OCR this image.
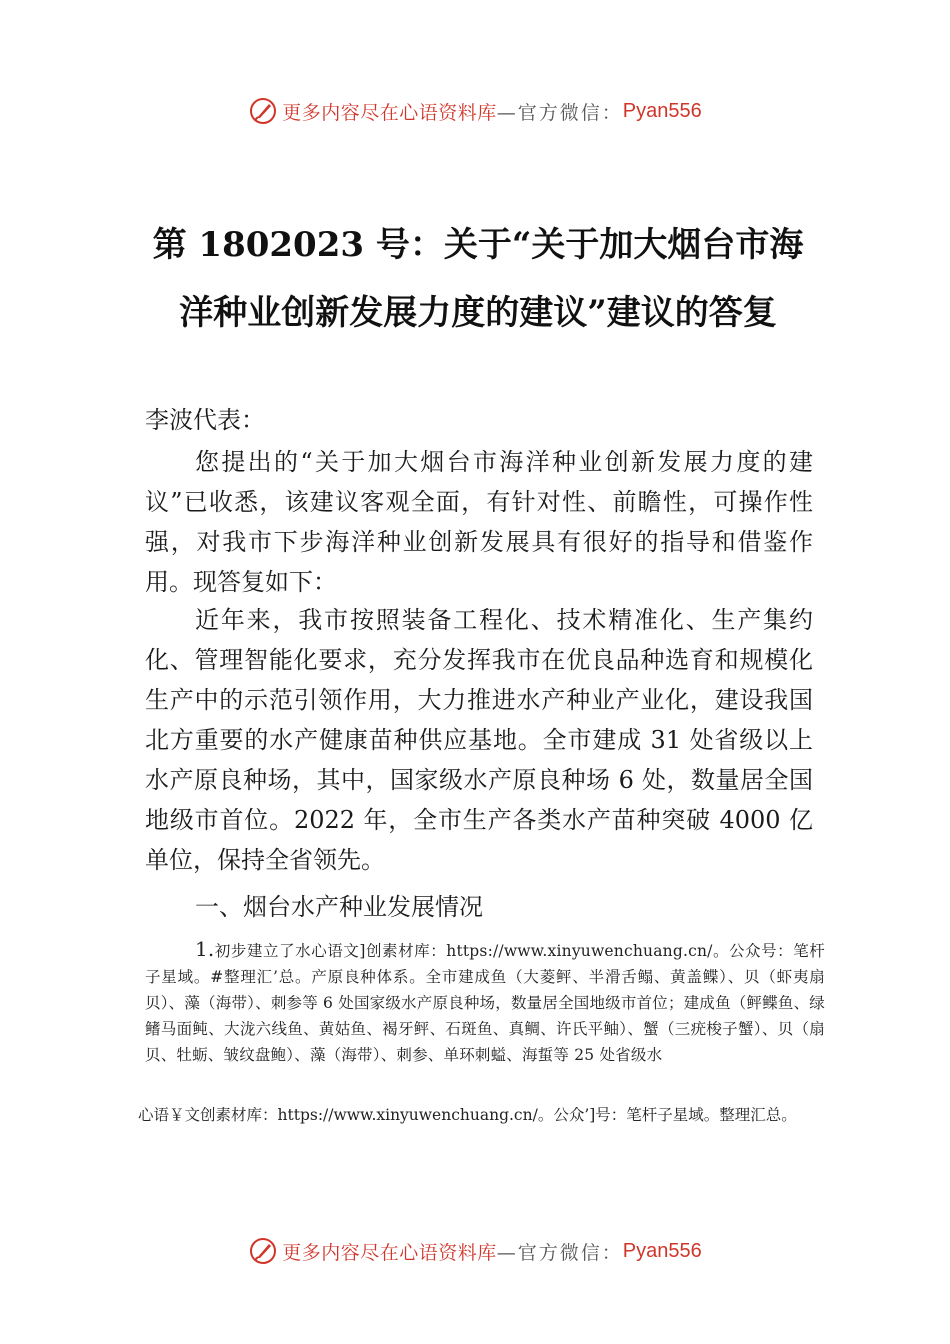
更多内容尽在心语资料库 —官方微信： Pyan556
第 1802023 号：关于“关于加大烟台市海
洋种业创新发展力度的建议”建议的答复
李波代表：
您提出的“关于加大烟台市海洋种业创新发展力度的建议”已收悉，该建议客观全面，有针对性、前瞻性，可操作性强，对我市下步海洋种业创新发展具有很好的指导和借鉴作用。现答复如下：
近年来，我市按照装备工程化、技术精准化、生产集约化、管理智能化要求，充分发挥我市在优良品种选育和规模化生产中的示范引领作用，大力推进水产种业产业化，建设我国北方重要的水产健康苗种供应基地。全市建成 31 处省级以上水产原良种场，其中，国家级水产原良种场 6 处，数量居全国地级市首位。2022 年，全市生产各类水产苗种突破 4000 亿单位，保持全省领先。
一、烟台水产种业发展情况
1.初步建立了水心语文]创素材库：https://www.xinyuwenchuang.cn/。公众号：笔杆子星域。#整理汇’总。产原良种体系。全市建成鱼（大菱鲆、半滑舌鳎、黄盖鲽）、贝（虾夷扇贝）、藻（海带）、刺参等 6 处国家级水产原良种场，数量居全国地级市首位；建成鱼（鲆鲽鱼、绿鳍马面鲀、大泷六线鱼、黄姑鱼、褐牙鲆、石斑鱼、真鲷、许氏平鲉）、蟹（三疣梭子蟹）、贝（扇贝、牡蛎、皱纹盘鲍）、藻（海带）、刺参、单环刺螠、海蜇等 25 处省级水
心语￥文创素材库：https://www.xinyuwenchuang.cn/。公众’]号：笔杆子星域。整理汇总。
更多内容尽在心语资料库 —官方微信： Pyan556
